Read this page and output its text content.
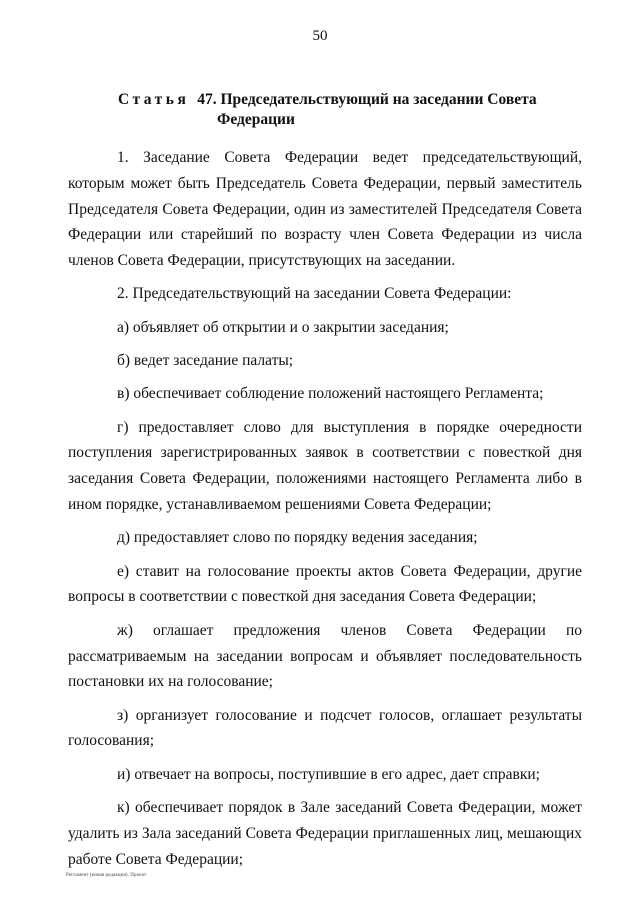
50
Статья 47. Председательствующий на заседании Совета
Федерации

1. Заседание Совета Федерации ведет председательствующий, которым может быть Председатель Совета Федерации, первый заместитель Председателя Совета Федерации, один из заместителей Председателя Совета Федерации или старейший по возрасту член Совета Федерации из числа членов Совета Федерации, присутствующих на заседании.

2. Председательствующий на заседании Совета Федерации:

а) объявляет об открытии и о закрытии заседания;

б) ведет заседание палаты;

в) обеспечивает соблюдение положений настоящего Регламента;

г) предоставляет слово для выступления в порядке очередности поступления зарегистрированных заявок в соответствии с повесткой дня заседания Совета Федерации, положениями настоящего Регламента либо в ином порядке, устанавливаемом решениями Совета Федерации;

д) предоставляет слово по порядку ведения заседания;

е) ставит на голосование проекты актов Совета Федерации, другие вопросы в соответствии с повесткой дня заседания Совета Федерации;

ж) оглашает предложения членов Совета Федерации по рассматриваемым на заседании вопросам и объявляет последовательность постановки их на голосование;

з) организует голосование и подсчет голосов, оглашает результаты голосования;

и) отвечает на вопросы, поступившие в его адрес, дает справки;

к) обеспечивает порядок в Зале заседаний Совета Федерации, может удалить из Зала заседаний Совета Федерации приглашенных лиц, мешающих работе Совета Федерации;

Регламент (новая редакция). Проект
